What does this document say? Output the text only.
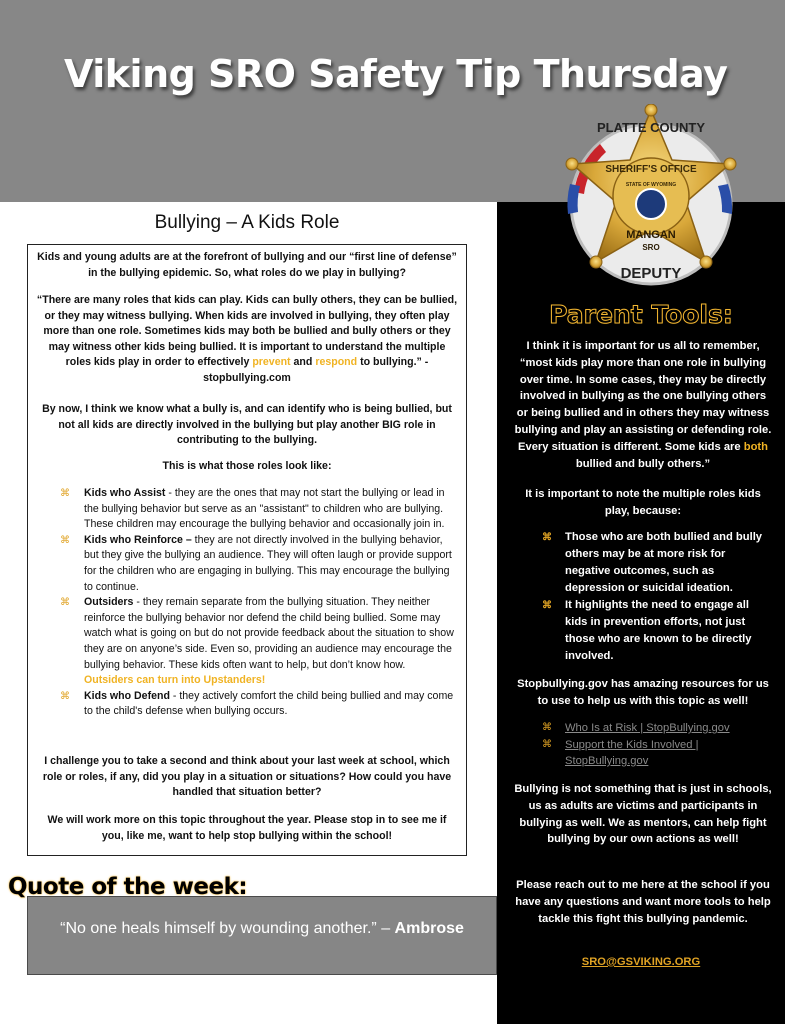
Viking SRO Safety Tip Thursday
PLATTE COUNTY
SHERIFF'S OFFICE
STATE OF WYOMING
MANGAN
SRO
DEPUTY
Parent Tools:

I think it is important for us all to remember, “most kids play more than one role in bullying over time. In some cases, they may be directly involved in bullying as the one bullying others or being bullied and in others they may witness bullying and play an assisting or defending role. Every situation is different. Some kids are both bullied and bully others.”

It is important to note the multiple roles kids play, because:

⌘ Those who are both bullied and bully others may be at more risk for negative outcomes, such as depression or suicidal ideation.
⌘ It highlights the need to engage all kids in prevention efforts, not just those who are known to be directly involved.

Stopbullying.gov has amazing resources for us to use to help us with this topic as well!

⌘ Who Is at Risk | StopBullying.gov
⌘ Support the Kids Involved | StopBullying.gov

Bullying is not something that is just in schools, us as adults are victims and participants in bullying as well. We as mentors, can help fight bullying by our own actions as well!

Please reach out to me here at the school if you have any questions and want more tools to help tackle this fight this bullying pandemic.

SRO@GSVIKING.ORG
Bullying – A Kids Role

Kids and young adults are at the forefront of bullying and our “first line of defense” in the bullying epidemic. So, what roles do we play in bullying?

“There are many roles that kids can play. Kids can bully others, they can be bullied, or they may witness bullying. When kids are involved in bullying, they often play more than one role. Sometimes kids may both be bullied and bully others or they may witness other kids being bullied. It is important to understand the multiple roles kids play in order to effectively prevent and respond to bullying.” - stopbullying.com

By now, I think we know what a bully is, and can identify who is being bullied, but not all kids are directly involved in the bullying but play another BIG role in contributing to the bullying.

This is what those roles look like:

⌘ Kids who Assist - they are the ones that may not start the bullying or lead in the bullying behavior but serve as an "assistant" to children who are bullying. These children may encourage the bullying behavior and occasionally join in.
⌘ Kids who Reinforce – they are not directly involved in the bullying behavior, but they give the bullying an audience. They will often laugh or provide support for the children who are engaging in bullying. This may encourage the bullying to continue.
⌘ Outsiders - they remain separate from the bullying situation. They neither reinforce the bullying behavior nor defend the child being bullied. Some may watch what is going on but do not provide feedback about the situation to show they are on anyone’s side. Even so, providing an audience may encourage the bullying behavior. These kids often want to help, but don’t know how. Outsiders can turn into Upstanders!
⌘ Kids who Defend - they actively comfort the child being bullied and may come to the child's defense when bullying occurs.

I challenge you to take a second and think about your last week at school, which role or roles, if any, did you play in a situation or situations? How could you have handled that situation better?

We will work more on this topic throughout the year. Please stop in to see me if you, like me, want to help stop bullying within the school!

Quote of the week:

“No one heals himself by wounding another.” – Ambrose
